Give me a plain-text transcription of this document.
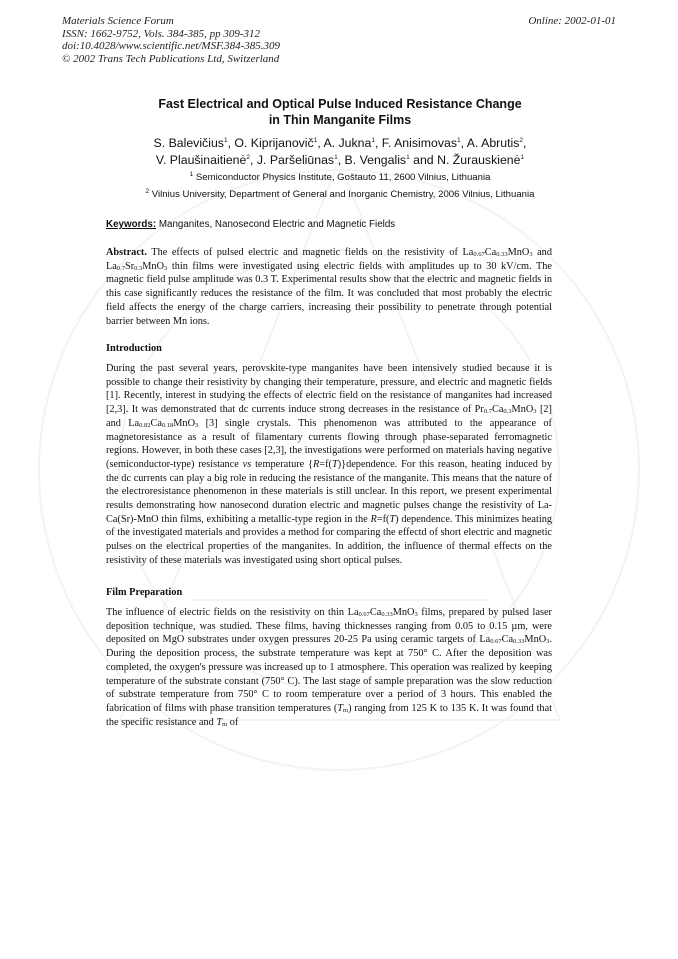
Materials Science Forum
ISSN: 1662-9752, Vols. 384-385, pp 309-312
doi:10.4028/www.scientific.net/MSF.384-385.309
© 2002 Trans Tech Publications Ltd, Switzerland
Online: 2002-01-01
Fast Electrical and Optical Pulse Induced Resistance Change
in Thin Manganite Films
S. Balevičius$^1$, O. Kiprijanovič$^1$, A. Jukna$^1$, F. Anisimovas$^1$, A. Abrutis$^2$,
V. Plaušinaitienė$^2$, J. Paršeliūnas$^1$, B. Vengalis$^1$ and N. Žurauskienė$^1$
$^1$ Semiconductor Physics Institute, Goštauto 11, 2600 Vilnius, Lithuania
$^2$ Vilnius University, Department of General and Inorganic Chemistry, 2006 Vilnius, Lithuania
Keywords: Manganites, Nanosecond Electric and Magnetic Fields

Abstract. The effects of pulsed electric and magnetic fields on the resistivity of $La_{0.67}Ca_{0.33}MnO_3$ and $La_{0.7}Sr_{0.3}MnO_3$ thin films were investigated using electric fields with amplitudes up to 30 kV/cm. The magnetic field pulse amplitude was 0.3 T. Experimental results show that the electric and magnetic fields in this case significantly reduces the resistance of the film. It was concluded that most probably the electric field affects the energy of the charge carriers, increasing their possibility to penetrate through potential barrier between Mn ions.

Introduction

During the past several years, perovskite-type manganites have been intensively studied because it is possible to change their resistivity by changing their temperature, pressure, and electric and magnetic fields [1]. Recently, interest in studying the effects of electric field on the resistance of manganites had increased [2,3]. It was demonstrated that dc currents induce strong decreases in the resistance of $Pr_{0.7}Ca_{0.3}MnO_3$ [2] and $La_{0.82}Ca_{0.18}MnO_3$ [3] single crystals. This phenomenon was attributed to the appearance of magnetoresistance as a result of filamentary currents flowing through phase-separated ferromagnetic regions. However, in both these cases [2,3], the investigations were performed on materials having negative (semiconductor-type) resistance vs temperature {R=f(T)}dependence. For this reason, heating induced by the dc currents can play a big role in reducing the resistance of the manganite. This means that the nature of the electroresistance phenomenon in these materials is still unclear. In this report, we present experimental results demonstrating how nanosecond duration electric and magnetic pulses change the resistivity of La-Ca(Sr)-MnO thin films, exhibiting a metallic-type region in the R=f(T) dependence. This minimizes heating of the investigated materials and provides a method for comparing the effectd of short electric and magnetic pulses on the electrical properties of the manganites. In addition, the influence of thermal effects on the resistivity of these materials was investigated using short optical pulses.

Film Preparation

The influence of electric fields on the resistivity on thin $La_{0.67}Ca_{0.33}MnO_3$ films, prepared by pulsed laser deposition technique, was studied. These films, having thicknesses ranging from 0.05 to 0.15 µm, were deposited on MgO substrates under oxygen pressures 20-25 Pa using ceramic targets of $La_{0.67}Ca_{0.33}MnO_3$. During the deposition process, the substrate temperature was kept at 750° C. After the deposition was completed, the oxygen's pressure was increased up to 1 atmosphere. This operation was realized by keeping temperature of the substrate constant (750° C). The last stage of sample preparation was the slow reduction of substrate temperature from 750° C to room temperature over a period of 3 hours. This enabled the fabrication of films with phase transition temperatures $(T_m)$ ranging from 125 K to 135 K. It was found that the specific resistance and $T_m$ of
